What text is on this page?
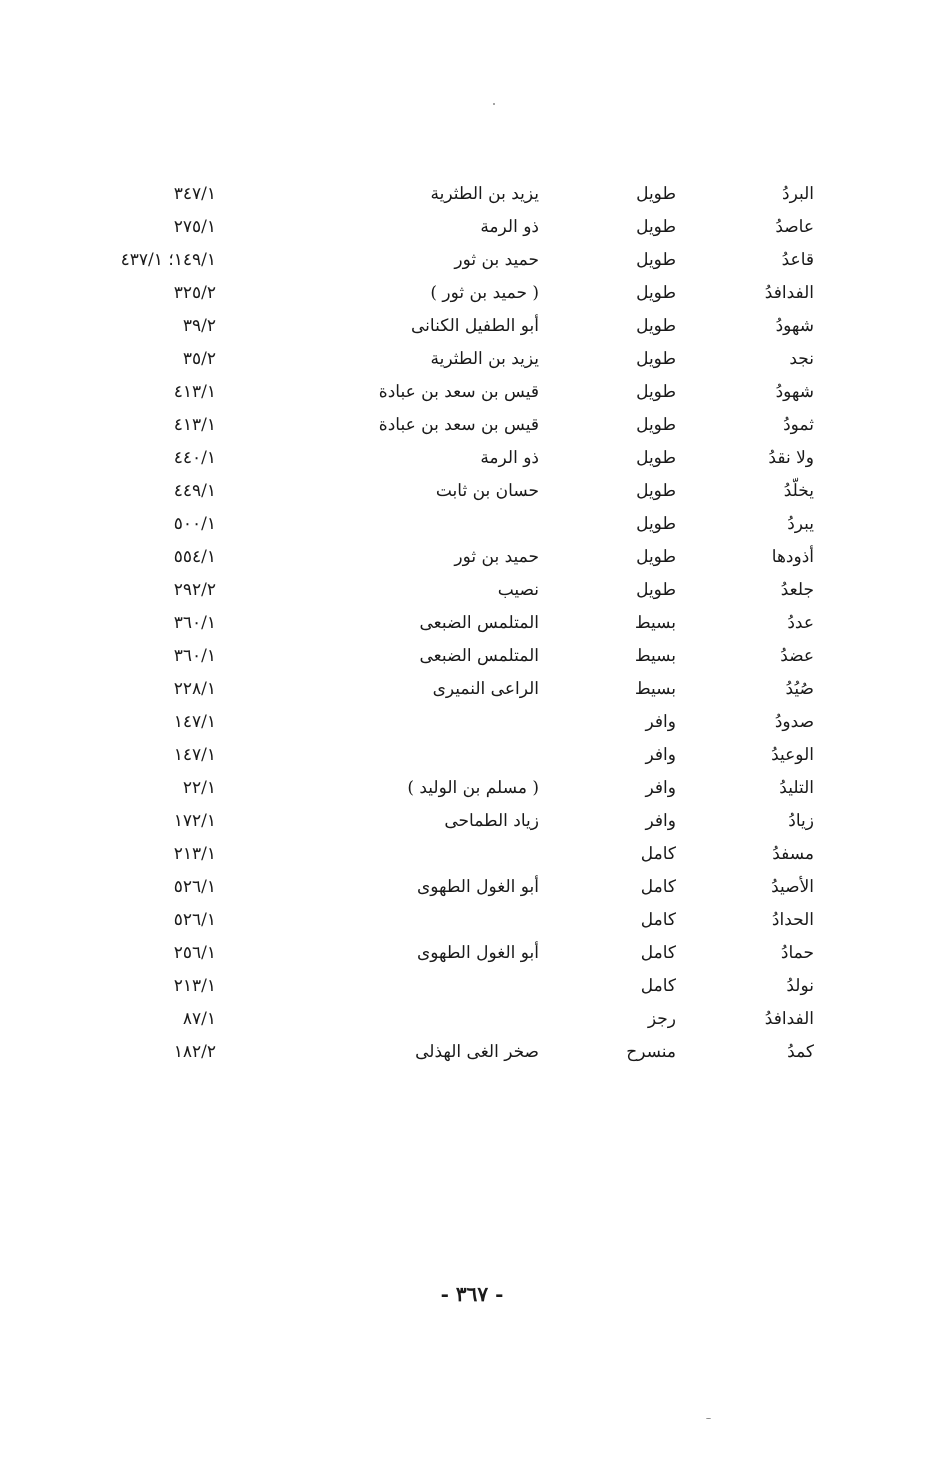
البردُ
طويل
يزيد بن الطثرية
٣٤٧/١
عاصدُ
طويل
ذو الرمة
٢٧٥/١
قاعدُ
طويل
حميد بن ثور
١٤٩/١؛ ٤٣٧/١
الفدافدُ
طويل
( حميد بن ثور )
٣٢٥/٢
شهودُ
طويل
أبو الطفيل الكنانى
٣٩/٢
نجد
طويل
يزيد بن الطثرية
٣٥/٢
شهودُ
طويل
قيس بن سعد بن عبادة
٤١٣/١
ثمودُ
طويل
قيس بن سعد بن عبادة
٤١٣/١
ولا نقدُ
طويل
ذو الرمة
٤٤٠/١
يخلّدُ
طويل
حسان بن ثابت
٤٤٩/١
يبردُ
طويل
٥٠٠/١
أذودها
طويل
حميد بن ثور
٥٥٤/١
جلعدُ
طويل
نصيب
٢٩٢/٢
عددُ
بسيط
المتلمس الضبعى
٣٦٠/١
عضدُ
بسيط
المتلمس الضبعى
٣٦٠/١
صُيُدُ
بسيط
الراعى النميرى
٢٢٨/١
صدودُ
وافر
١٤٧/١
الوعيدُ
وافر
١٤٧/١
التليدُ
وافر
( مسلم بن الوليد )
٢٢/١
زيادُ
وافر
زياد الطماحى
١٧٢/١
مسفدُ
كامل
٢١٣/١
الأصيدُ
كامل
أبو الغول الطهوى
٥٢٦/١
الحدادُ
كامل
٥٢٦/١
حمادُ
كامل
أبو الغول الطهوى
٢٥٦/١
نولدُ
كامل
٢١٣/١
الفدافدُ
رجز
٨٧/١
كمدُ
منسرح
صخر الغى الهذلى
١٨٢/٢
- ٣٦٧ -
